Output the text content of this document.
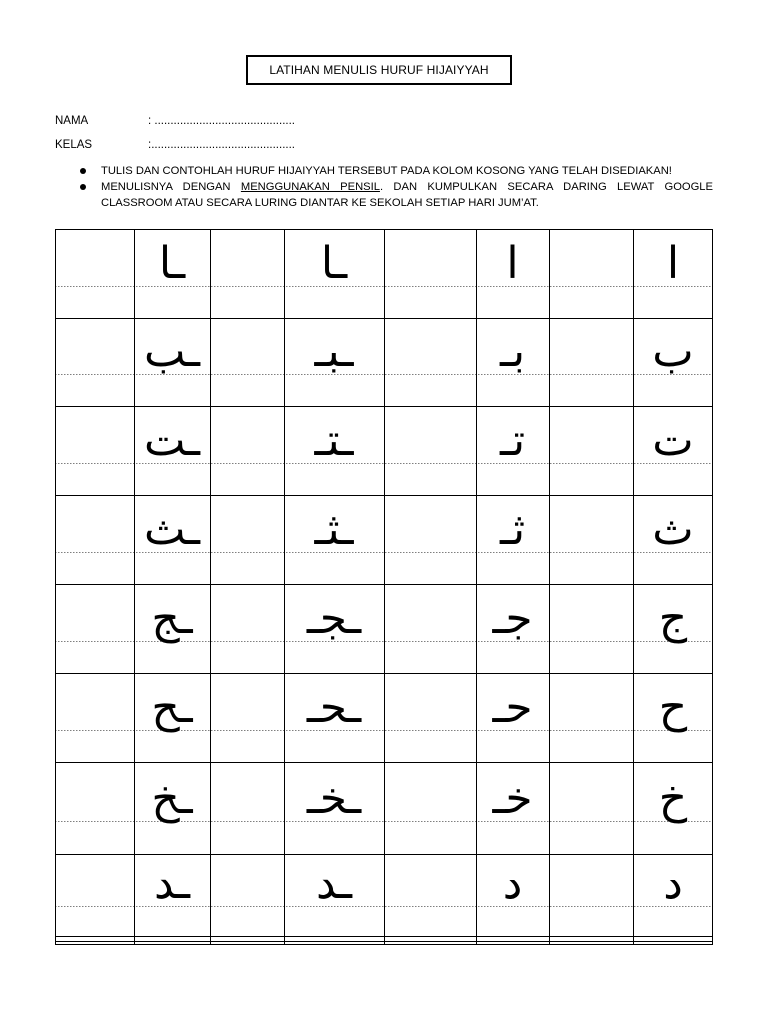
LATIHAN MENULIS HURUF HIJAIYYAH
NAMA	: ............................................
KELAS	:.............................................
TULIS DAN CONTOHLAH HURUF HIJAIYYAH TERSEBUT PADA KOLOM KOSONG YANG TELAH DISEDIAKAN!
MENULISNYA DENGAN MENGGUNAKAN PENSIL. DAN KUMPULKAN SECARA DARING LEWAT GOOGLE CLASSROOM ATAU SECARA LURING DIANTAR KE SEKOLAH SETIAP HARI JUM’AT.
ـا	ـا	ا	ا
ـب	ـبـ	بـ	ب
ـت	ـتـ	تـ	ت
ـث	ـثـ	ثـ	ث
ـج	ـجـ	جـ	ج
ـح	ـحـ	حـ	ح
ـخ	ـخـ	خـ	خ
ـد	ـد	د	د
